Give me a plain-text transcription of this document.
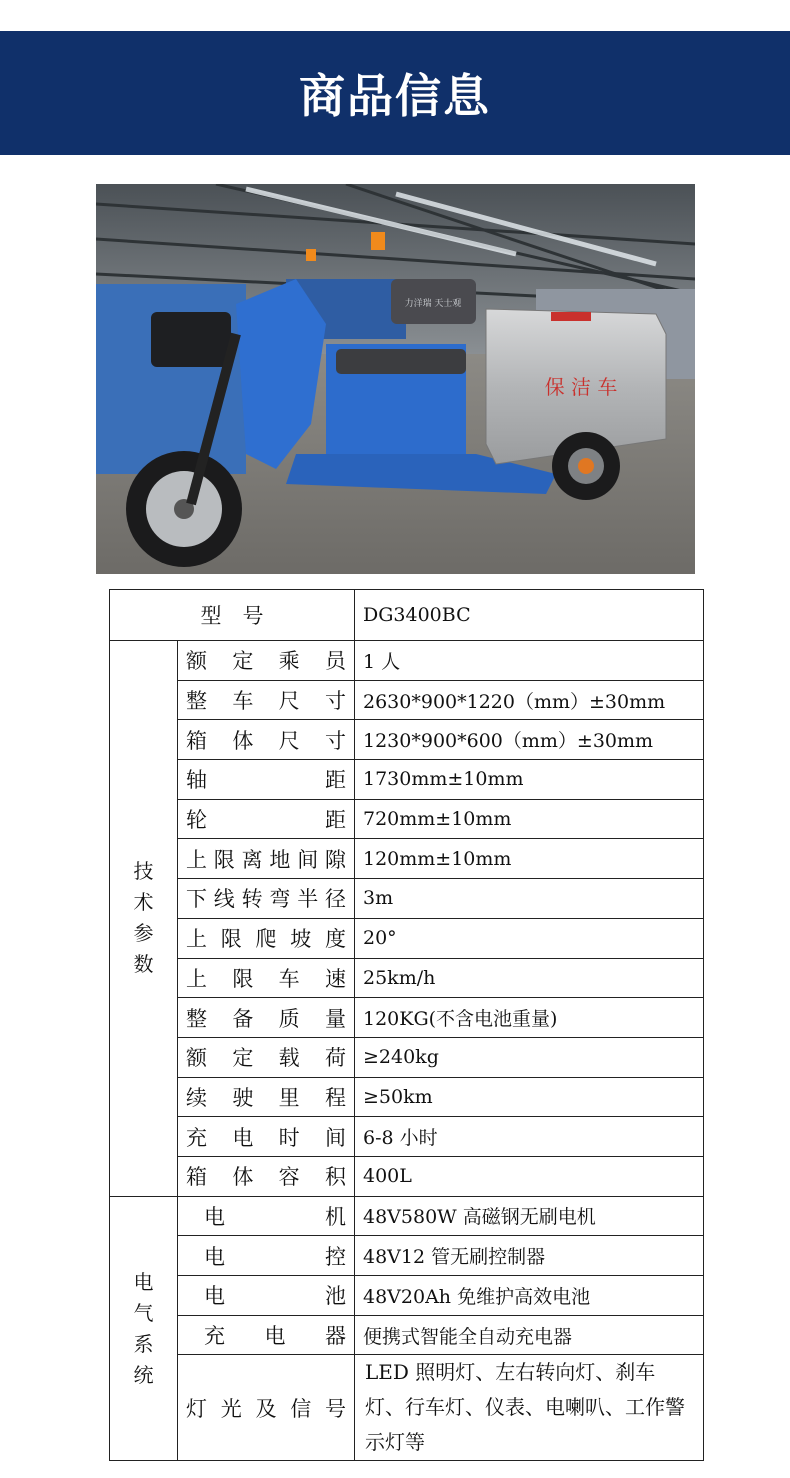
商品信息
力洋瑞 天士观
保 洁 车
型　号		DG3400BC
技术参数	额定乘员	1 人
	整车尺寸	2630*900*1220（mm）±30mm
	箱体尺寸	1230*900*600（mm）±30mm
	轴　距	1730mm±10mm
	轮　距	720mm±10mm
	上限离地间隙	120mm±10mm
	下线转弯半径	3m
	上限爬坡度	20°
	上限车速	25km/h
	整备质量	120KG(不含电池重量)
	额定载荷	≥240kg
	续驶里程	≥50km
	充电时间	6-8 小时
	箱体容积	400L
电气系统	电　机	48V580W 高磁钢无刷电机
	电　控	48V12 管无刷控制器
	电　池	48V20Ah 免维护高效电池
	充电器	便携式智能全自动充电器
	灯光及信号	LED 照明灯、左右转向灯、刹车灯、行车灯、仪表、电喇叭、工作警示灯等
